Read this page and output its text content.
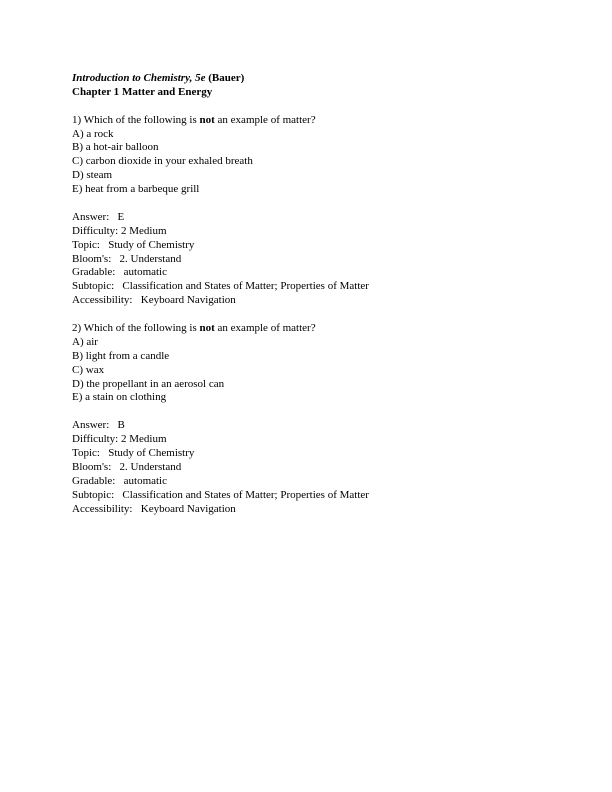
Introduction to Chemistry, 5e (Bauer)
Chapter 1 Matter and Energy
1) Which of the following is not an example of matter?
A) a rock
B) a hot-air balloon
C) carbon dioxide in your exhaled breath
D) steam
E) heat from a barbeque grill
Answer:   E
Difficulty: 2 Medium
Topic:   Study of Chemistry
Bloom's:   2. Understand
Gradable:   automatic
Subtopic:   Classification and States of Matter; Properties of Matter
Accessibility:   Keyboard Navigation
2) Which of the following is not an example of matter?
A) air
B) light from a candle
C) wax
D) the propellant in an aerosol can
E) a stain on clothing
Answer:   B
Difficulty: 2 Medium
Topic:   Study of Chemistry
Bloom's:   2. Understand
Gradable:   automatic
Subtopic:   Classification and States of Matter; Properties of Matter
Accessibility:   Keyboard Navigation
